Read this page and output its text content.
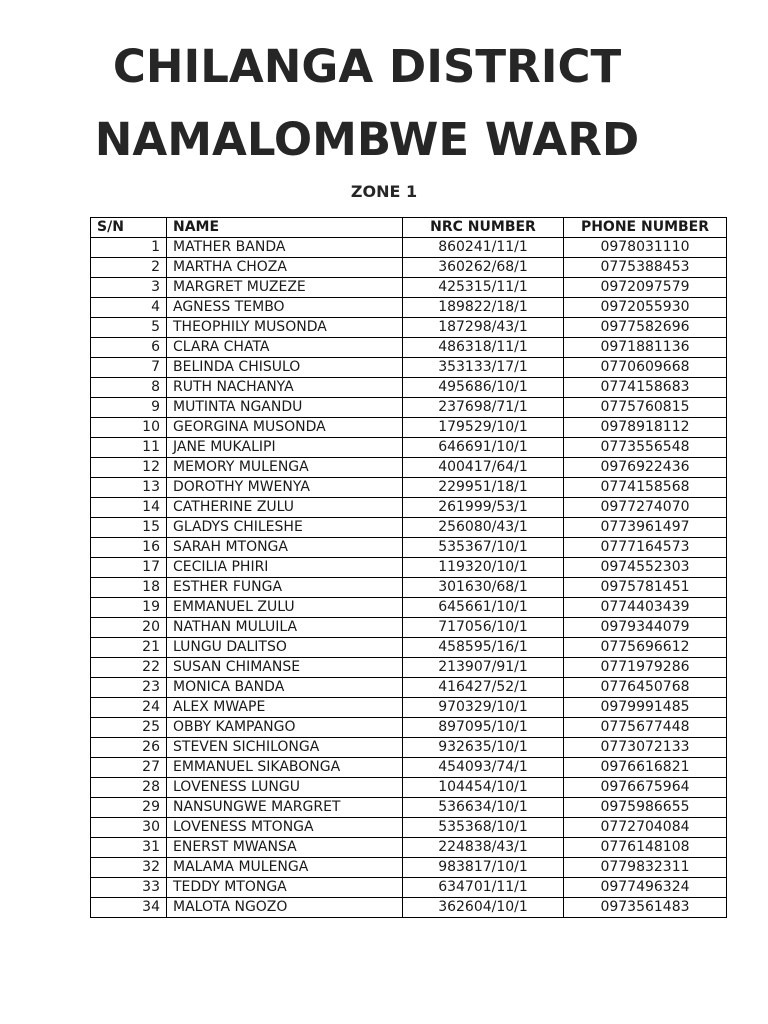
CHILANGA DISTRICT
NAMALOMBWE WARD
ZONE 1
S/N	NAME	NRC NUMBER	PHONE NUMBER
1	MATHER BANDA	860241/11/1	0978031110
2	MARTHA CHOZA	360262/68/1	0775388453
3	MARGRET MUZEZE	425315/11/1	0972097579
4	AGNESS TEMBO	189822/18/1	0972055930
5	THEOPHILY MUSONDA	187298/43/1	0977582696
6	CLARA CHATA	486318/11/1	0971881136
7	BELINDA CHISULO	353133/17/1	0770609668
8	RUTH NACHANYA	495686/10/1	0774158683
9	MUTINTA NGANDU	237698/71/1	0775760815
10	GEORGINA MUSONDA	179529/10/1	0978918112
11	JANE MUKALIPI	646691/10/1	0773556548
12	MEMORY MULENGA	400417/64/1	0976922436
13	DOROTHY MWENYA	229951/18/1	0774158568
14	CATHERINE ZULU	261999/53/1	0977274070
15	GLADYS CHILESHE	256080/43/1	0773961497
16	SARAH MTONGA	535367/10/1	0777164573
17	CECILIA PHIRI	119320/10/1	0974552303
18	ESTHER FUNGA	301630/68/1	0975781451
19	EMMANUEL ZULU	645661/10/1	0774403439
20	NATHAN MULUILA	717056/10/1	0979344079
21	LUNGU DALITSO	458595/16/1	0775696612
22	SUSAN CHIMANSE	213907/91/1	0771979286
23	MONICA BANDA	416427/52/1	0776450768
24	ALEX MWAPE	970329/10/1	0979991485
25	OBBY KAMPANGO	897095/10/1	0775677448
26	STEVEN SICHILONGA	932635/10/1	0773072133
27	EMMANUEL SIKABONGA	454093/74/1	0976616821
28	LOVENESS LUNGU	104454/10/1	0976675964
29	NANSUNGWE MARGRET	536634/10/1	0975986655
30	LOVENESS MTONGA	535368/10/1	0772704084
31	ENERST MWANSA	224838/43/1	0776148108
32	MALAMA MULENGA	983817/10/1	0779832311
33	TEDDY MTONGA	634701/11/1	0977496324
34	MALOTA NGOZO	362604/10/1	0973561483
